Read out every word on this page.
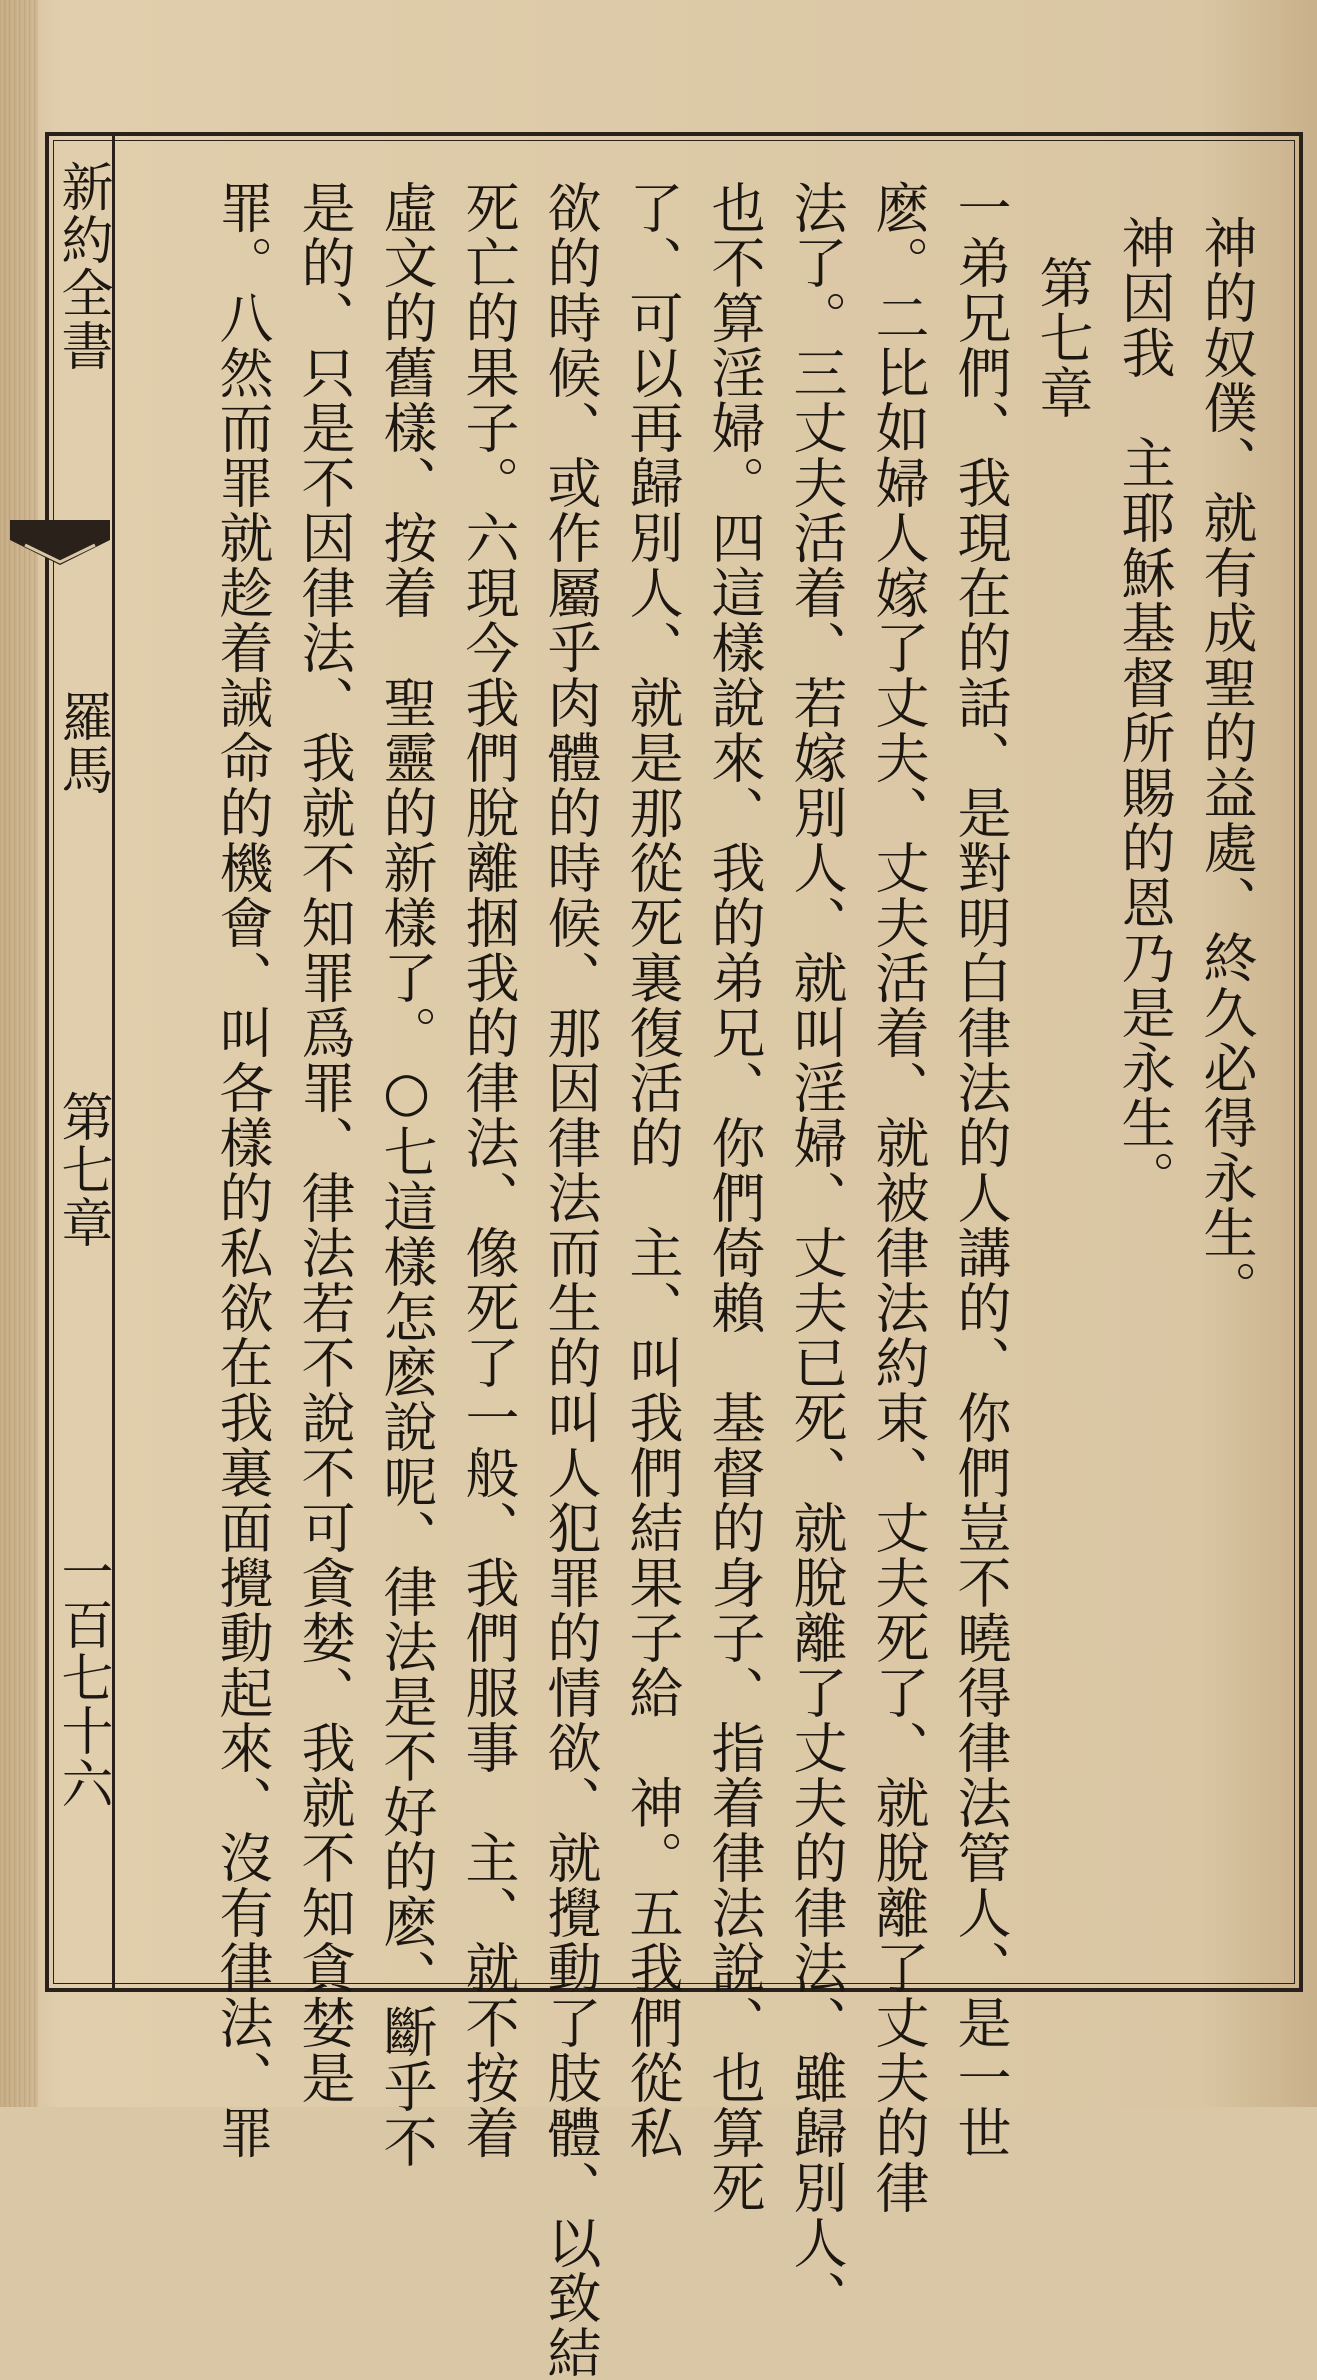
新約全書
羅馬
第七章
一百七十六
神的奴僕、就有成聖的益處、終久必得永生。
神因我　主耶穌基督所賜的恩乃是永生。
第七章
一弟兄們、我現在的話、是對明白律法的人講的、你們豈不曉得律法管人、是一世
麽。二比如婦人嫁了丈夫、丈夫活着、就被律法約束、丈夫死了、就脫離了丈夫的律
法了。三丈夫活着、若嫁別人、就叫淫婦、丈夫已死、就脫離了丈夫的律法、雖歸別人、
也不算淫婦。四這樣說來、我的弟兄、你們倚賴　基督的身子、指着律法說、也算死
了、可以再歸別人、就是那從死裏復活的　主、叫我們結果子給　神。五我們從私
欲的時候、或作屬乎肉體的時候、那因律法而生的叫人犯罪的情欲、就攪動了肢體、以致結
死亡的果子。六現今我們脫離捆我的律法、像死了一般、我們服事　主、就不按着
虛文的舊樣、按着　聖靈的新樣了。○七這樣怎麽說呢、律法是不好的麽、斷乎不
是的、只是不因律法、我就不知罪爲罪、律法若不說不可貪婪、我就不知貪婪是
罪。八然而罪就趁着誡命的機會、叫各樣的私欲在我裏面攪動起來、沒有律法、罪
